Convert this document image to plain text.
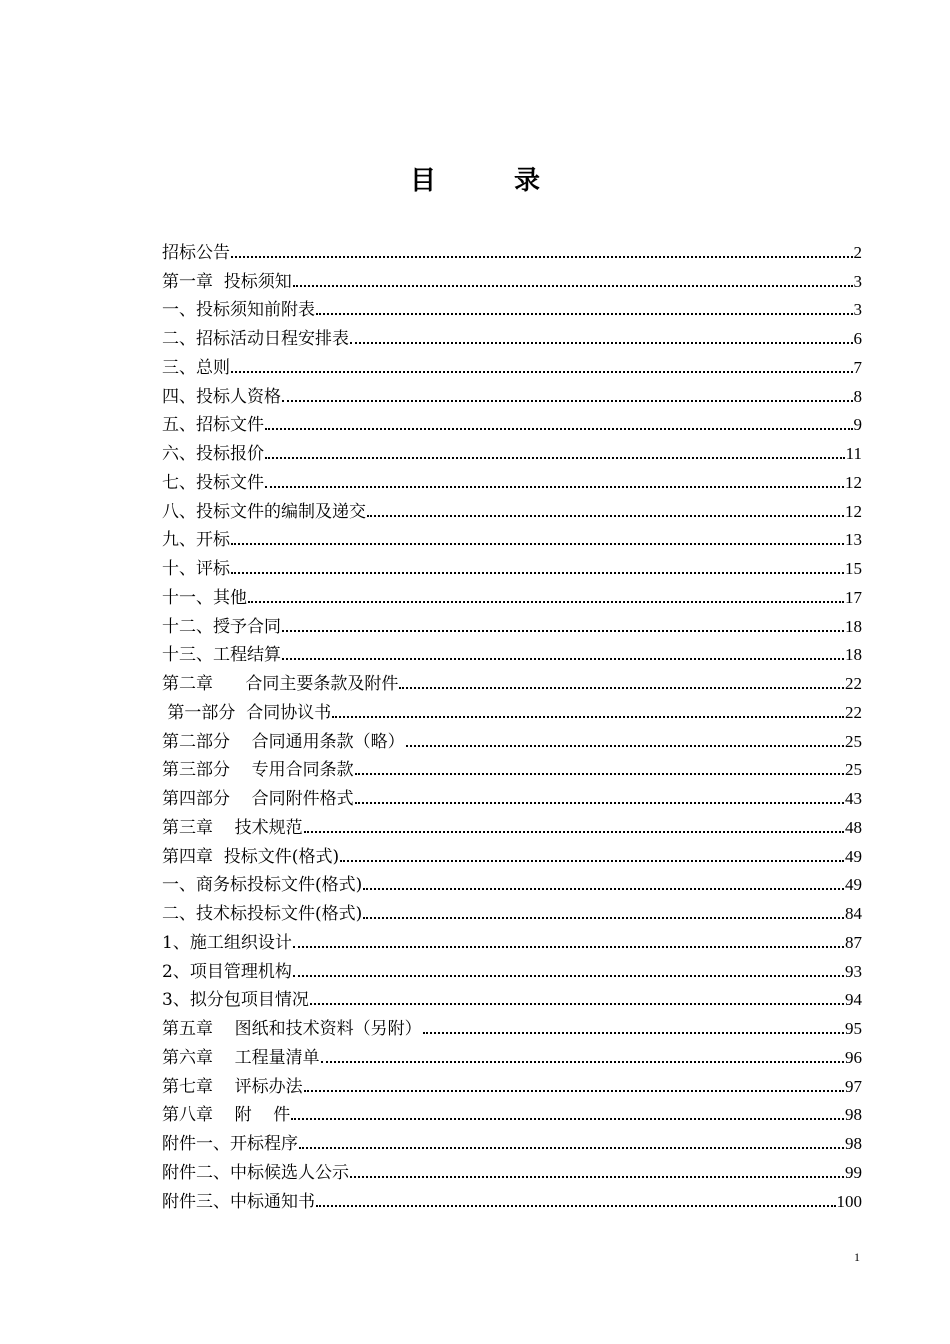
目	录
招标公告	2
第一章  投标须知	3
一、投标须知前附表	3
二、招标活动日程安排表	6
三、总则	7
四、投标人资格	8
五、招标文件	9
六、投标报价	11
七、投标文件	12
八、投标文件的编制及递交	12
九、开标	13
十、评标	15
十一、其他	17
十二、授予合同	18
十三、工程结算	18
第二章      合同主要条款及附件	22
第一部分  合同协议书	22
第二部分    合同通用条款（略）	25
第三部分    专用合同条款	25
第四部分    合同附件格式	43
第三章    技术规范	48
第四章  投标文件(格式)	49
一、商务标投标文件(格式)	49
二、技术标投标文件(格式)	84
1、施工组织设计	87
2、项目管理机构	93
3、拟分包项目情况	94
第五章    图纸和技术资料（另附）	95
第六章    工程量清单	96
第七章    评标办法	97
第八章    附    件	98
附件一、开标程序	98
附件二、中标候选人公示	99
附件三、中标通知书	100
1
